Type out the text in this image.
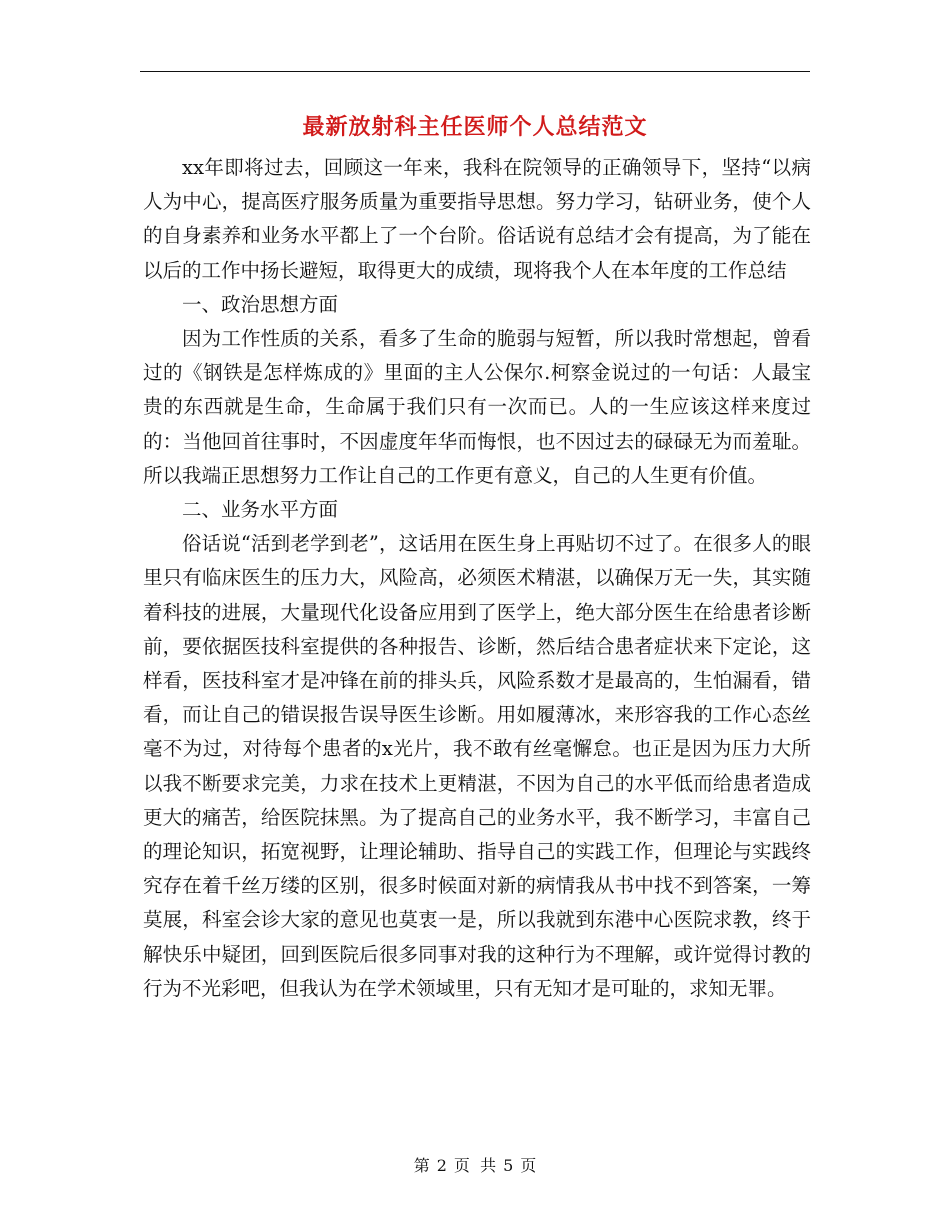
最新放射科主任医师个人总结范文

xx年即将过去，回顾这一年来，我科在院领导的正确领导下，坚持“以病人为中心，提高医疗服务质量为重要指导思想。努力学习，钻研业务，使个人的自身素养和业务水平都上了一个台阶。俗话说有总结才会有提高，为了能在以后的工作中扬长避短，取得更大的成绩，现将我个人在本年度的工作总结

一、政治思想方面

因为工作性质的关系，看多了生命的脆弱与短暂，所以我时常想起，曾看过的《钢铁是怎样炼成的》里面的主人公保尔.柯察金说过的一句话：人最宝贵的东西就是生命，生命属于我们只有一次而已。人的一生应该这样来度过的：当他回首往事时，不因虚度年华而悔恨，也不因过去的碌碌无为而羞耻。所以我端正思想努力工作让自己的工作更有意义，自己的人生更有价值。

二、业务水平方面

俗话说“活到老学到老”，这话用在医生身上再贴切不过了。在很多人的眼里只有临床医生的压力大，风险高，必须医术精湛，以确保万无一失，其实随着科技的进展，大量现代化设备应用到了医学上，绝大部分医生在给患者诊断前，要依据医技科室提供的各种报告、诊断，然后结合患者症状来下定论，这样看，医技科室才是冲锋在前的排头兵，风险系数才是最高的，生怕漏看，错看，而让自己的错误报告误导医生诊断。用如履薄冰，来形容我的工作心态丝毫不为过，对待每个患者的x光片，我不敢有丝毫懈怠。也正是因为压力大所以我不断要求完美，力求在技术上更精湛，不因为自己的水平低而给患者造成更大的痛苦，给医院抹黑。为了提高自己的业务水平，我不断学习，丰富自己的理论知识，拓宽视野，让理论辅助、指导自己的实践工作，但理论与实践终究存在着千丝万缕的区别，很多时候面对新的病情我从书中找不到答案，一筹莫展，科室会诊大家的意见也莫衷一是，所以我就到东港中心医院求教，终于解快乐中疑团，回到医院后很多同事对我的这种行为不理解，或许觉得讨教的行为不光彩吧，但我认为在学术领域里，只有无知才是可耻的，求知无罪。

第 2 页  共 5 页
